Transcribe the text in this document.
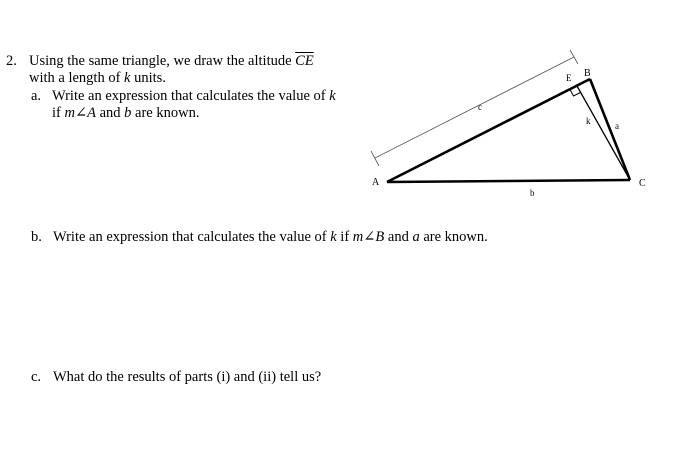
2. Using the same triangle, we draw the altitude $\overline{CE}$
with a length of k units.
a. Write an expression that calculates the value of k
if m∠A and b are known.
b. Write an expression that calculates the value of k if m∠B and a are known.
c. What do the results of parts (i) and (ii) tell us?
A
B
C
E
c
b
a
k
